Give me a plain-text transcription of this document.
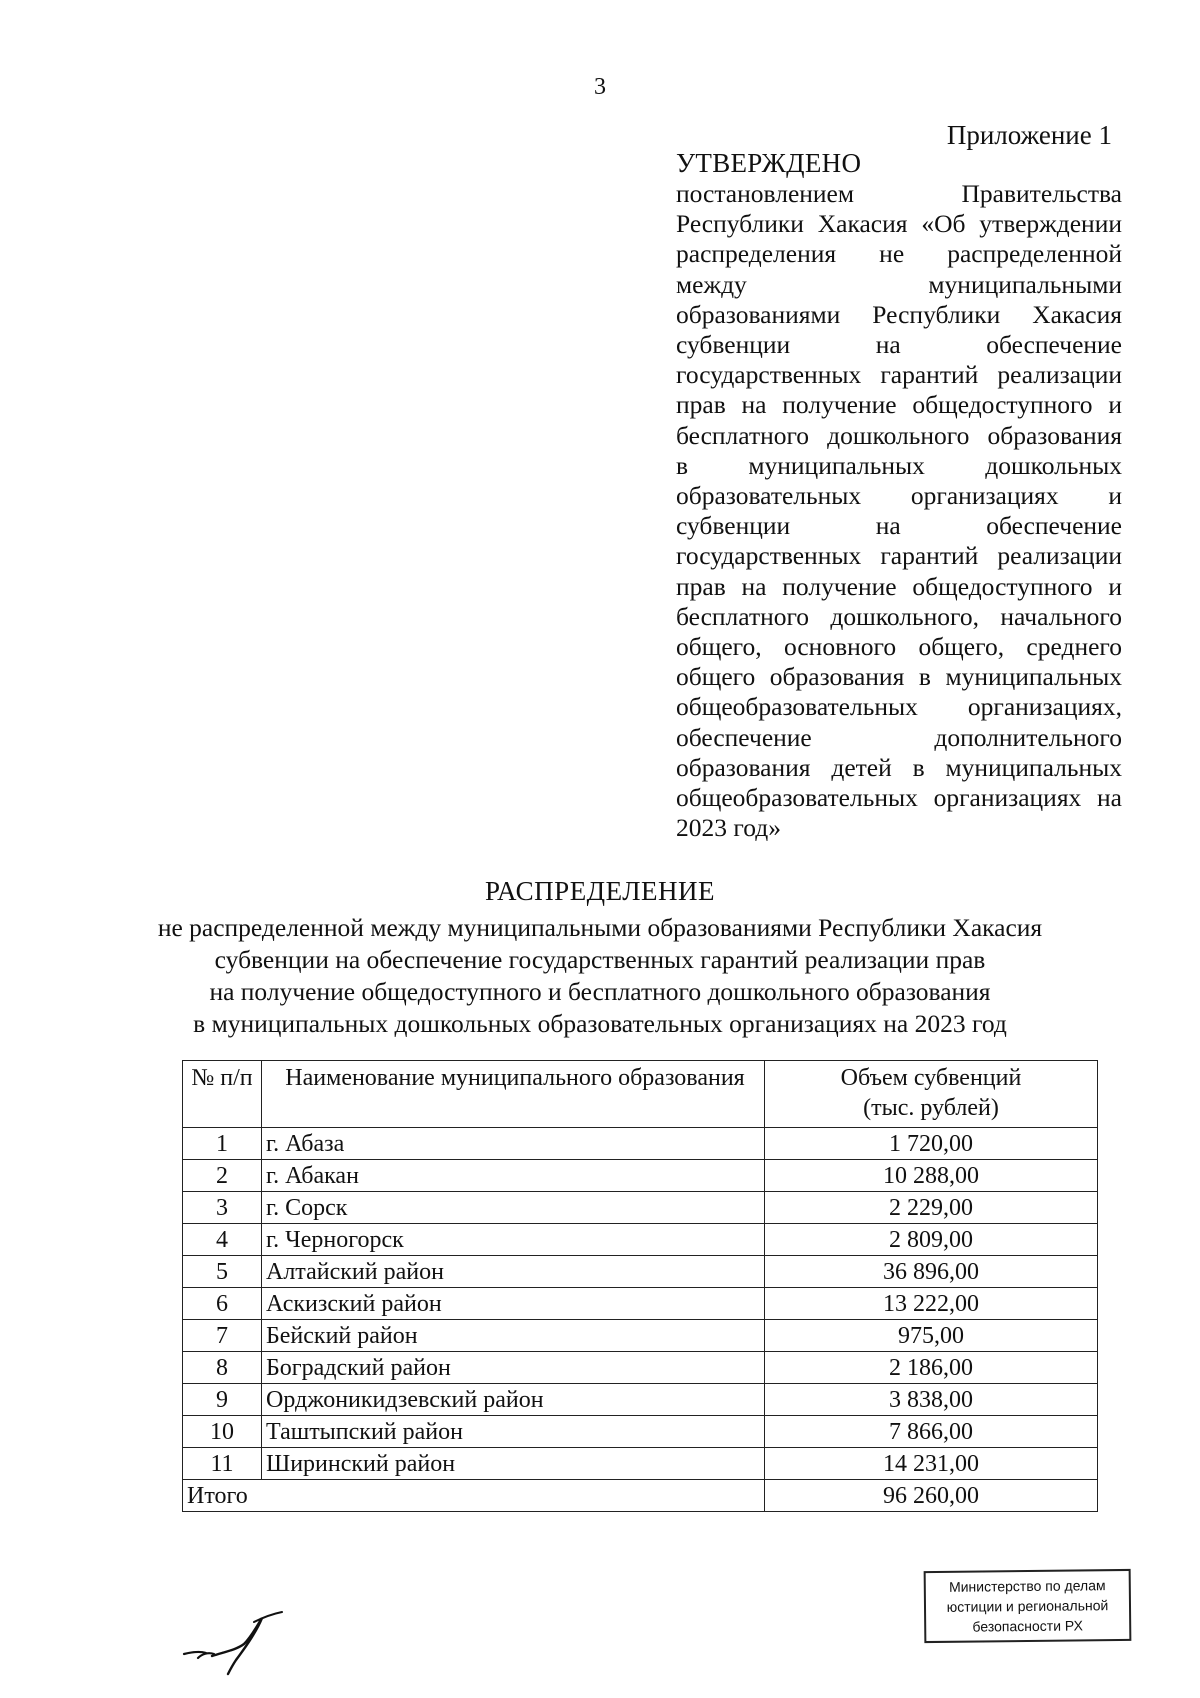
3
Приложение 1
УТВЕРЖДЕНО
постановлением Правительства
Республики Хакасия «Об утверждении
распределения не распределенной
между муниципальными
образованиями Республики Хакасия
субвенции на обеспечение
государственных гарантий реализации
прав на получение общедоступного и
бесплатного дошкольного образования
в муниципальных дошкольных
образовательных организациях и
субвенции на обеспечение
государственных гарантий реализации
прав на получение общедоступного и
бесплатного дошкольного, начального
общего, основного общего, среднего
общего образования в муниципальных
общеобразовательных организациях,
обеспечение дополнительного
образования детей в муниципальных
общеобразовательных организациях на
2023 год»
РАСПРЕДЕЛЕНИЕ
не распределенной между муниципальными образованиями Республики Хакасия
субвенции на обеспечение государственных гарантий реализации прав
на получение общедоступного и бесплатного дошкольного образования
в муниципальных дошкольных образовательных организациях на 2023 год
№ п/п	Наименование муниципального образования	Объем субвенций
(тыс. рублей)

1	г. Абаза	1 720,00
2	г. Абакан	10 288,00
3	г. Сорск	2 229,00
4	г. Черногорск	2 809,00
5	Алтайский район	36 896,00
6	Аскизский район	13 222,00
7	Бейский район	975,00
8	Боградский район	2 186,00
9	Орджоникидзевский район	3 838,00
10	Таштыпский район	7 866,00
11	Ширинский район	14 231,00
Итого		96 260,00
Министерство по делам
юстиции и региональной
безопасности РХ
